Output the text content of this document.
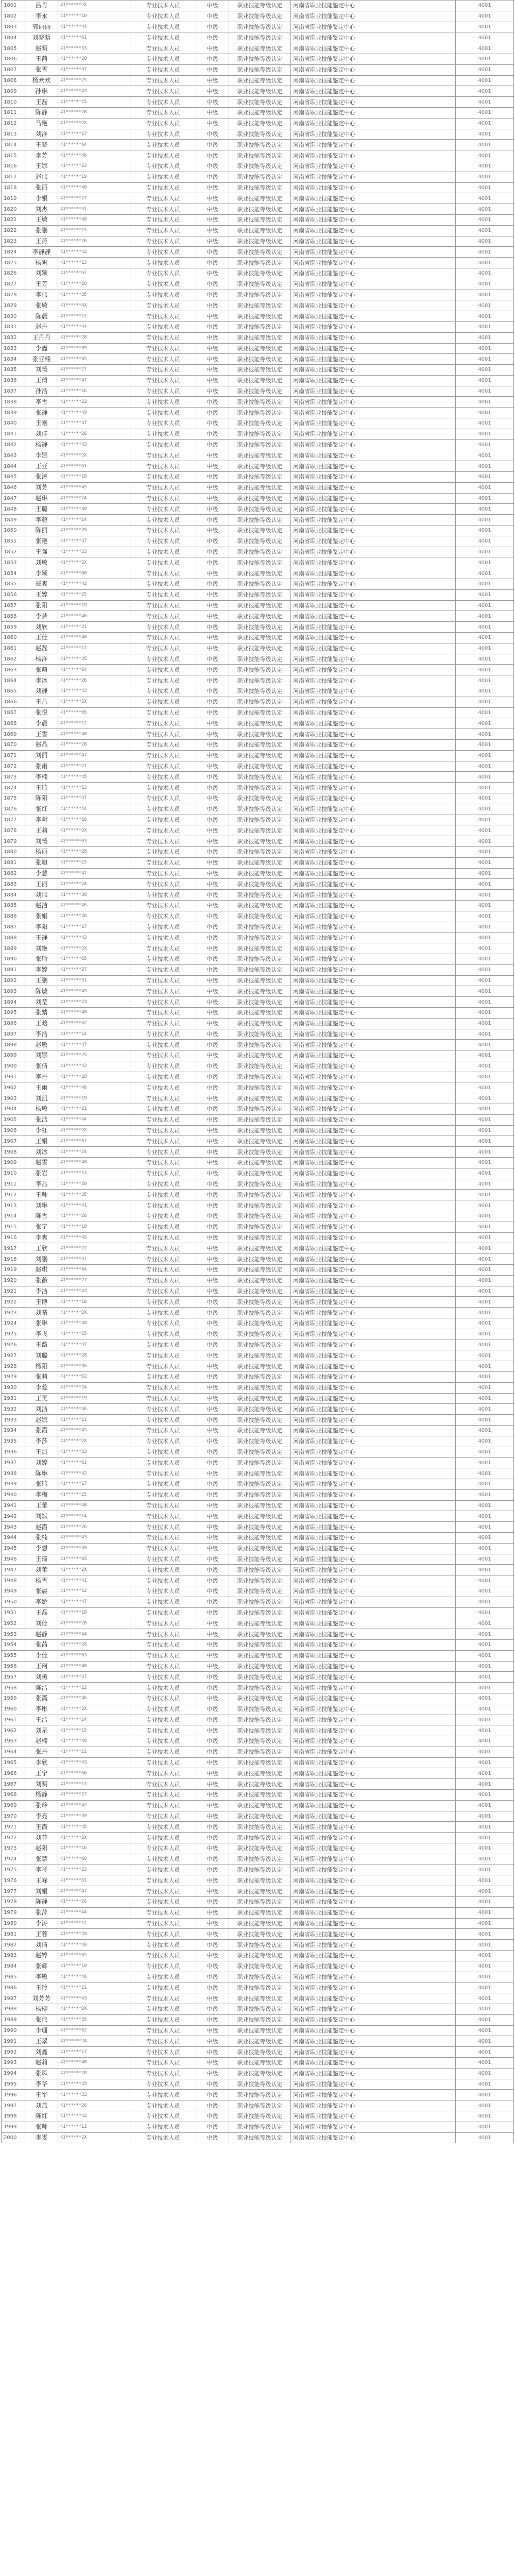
1801	吕丹	41******2X	专业技术人员	中级	职业技能等级认定	河南省职业技能鉴定中心	4001
1802	李永	41******10	专业技术人员	中级	职业技能等级认定	河南省职业技能鉴定中心	4001
1803	郭丽丽	41******44	专业技术人员	中级	职业技能等级认定	河南省职业技能鉴定中心	4001
1804	刘晓晗	41******61	专业技术人员	中级	职业技能等级认定	河南省职业技能鉴定中心	4001
1805	赵明	41******33	专业技术人员	中级	职业技能等级认定	河南省职业技能鉴定中心	4001
1806	王茜	41******20	专业技术人员	中级	职业技能等级认定	河南省职业技能鉴定中心	4001
1807	张雪	41******47	专业技术人员	中级	职业技能等级认定	河南省职业技能鉴定中心	4001
1808	杨欢欢	41******25	专业技术人员	中级	职业技能等级认定	河南省职业技能鉴定中心	4001
1809	孙琳	41******43	专业技术人员	中级	职业技能等级认定	河南省职业技能鉴定中心	4001
1810	王磊	41******15	专业技术人员	中级	职业技能等级认定	河南省职业技能鉴定中心	4001
1811	陈静	41******28	专业技术人员	中级	职业技能等级认定	河南省职业技能鉴定中心	4001
1812	马艳	41******2X	专业技术人员	中级	职业技能等级认定	河南省职业技能鉴定中心	4001
1813	刘洋	41******17	专业技术人员	中级	职业技能等级认定	河南省职业技能鉴定中心	4001
1814	王晓	41******64	专业技术人员	中级	职业技能等级认定	河南省职业技能鉴定中心	4001
1815	李芳	41******46	专业技术人员	中级	职业技能等级认定	河南省职业技能鉴定中心	4001
1816	王娜	41******23	专业技术人员	中级	职业技能等级认定	河南省职业技能鉴定中心	4001
1817	赵伟	41******19	专业技术人员	中级	职业技能等级认定	河南省职业技能鉴定中心	4001
1818	张丽	41******40	专业技术人员	中级	职业技能等级认定	河南省职业技能鉴定中心	4001
1819	李娟	41******27	专业技术人员	中级	职业技能等级认定	河南省职业技能鉴定中心	4001
1820	刘杰	41******31	专业技术人员	中级	职业技能等级认定	河南省职业技能鉴定中心	4001
1821	王敏	41******48	专业技术人员	中级	职业技能等级认定	河南省职业技能鉴定中心	4001
1822	张鹏	41******15	专业技术人员	中级	职业技能等级认定	河南省职业技能鉴定中心	4001
1823	王燕	41******26	专业技术人员	中级	职业技能等级认定	河南省职业技能鉴定中心	4001
1824	李静静	41******42	专业技术人员	中级	职业技能等级认定	河南省职业技能鉴定中心	4001
1825	杨帆	41******13	专业技术人员	中级	职业技能等级认定	河南省职业技能鉴定中心	4001
1826	刘颖	41******67	专业技术人员	中级	职业技能等级认定	河南省职业技能鉴定中心	4001
1827	王芳	41******20	专业技术人员	中级	职业技能等级认定	河南省职业技能鉴定中心	4001
1828	李伟	41******35	专业技术人员	中级	职业技能等级认定	河南省职业技能鉴定中心	4001
1829	张敏	41******4X	专业技术人员	中级	职业技能等级认定	河南省职业技能鉴定中心	4001
1830	陈晨	41******12	专业技术人员	中级	职业技能等级认定	河南省职业技能鉴定中心	4001
1831	赵丹	41******44	专业技术人员	中级	职业技能等级认定	河南省职业技能鉴定中心	4001
1832	王丹丹	41******28	专业技术人员	中级	职业技能等级认定	河南省职业技能鉴定中心	4001
1833	李鑫	41******39	专业技术人员	中级	职业技能等级认定	河南省职业技能鉴定中心	4001
1834	张亚楠	41******65	专业技术人员	中级	职业技能等级认定	河南省职业技能鉴定中心	4001
1835	刘畅	41******21	专业技术人员	中级	职业技能等级认定	河南省职业技能鉴定中心	4001
1836	王倩	41******47	专业技术人员	中级	职业技能等级认定	河南省职业技能鉴定中心	4001
1837	孙浩	41******16	专业技术人员	中级	职业技能等级认定	河南省职业技能鉴定中心	4001
1838	李雪	41******22	专业技术人员	中级	职业技能等级认定	河南省职业技能鉴定中心	4001
1839	张静	41******49	专业技术人员	中级	职业技能等级认定	河南省职业技能鉴定中心	4001
1840	王刚	41******37	专业技术人员	中级	职业技能等级认定	河南省职业技能鉴定中心	4001
1841	刘佳	41******26	专业技术人员	中级	职业技能等级认定	河南省职业技能鉴定中心	4001
1842	杨静	41******43	专业技术人员	中级	职业技能等级认定	河南省职业技能鉴定中心	4001
1843	李娜	41******2X	专业技术人员	中级	职业技能等级认定	河南省职业技能鉴定中心	4001
1844	王亚	41******61	专业技术人员	中级	职业技能等级认定	河南省职业技能鉴定中心	4001
1845	张涛	41******18	专业技术人员	中级	职业技能等级认定	河南省职业技能鉴定中心	4001
1846	刘芳	41******45	专业技术人员	中级	职业技能等级认定	河南省职业技能鉴定中心	4001
1847	赵琳	41******24	专业技术人员	中级	职业技能等级认定	河南省职业技能鉴定中心	4001
1848	王璐	41******40	专业技术人员	中级	职业技能等级认定	河南省职业技能鉴定中心	4001
1849	李超	41******14	专业技术人员	中级	职业技能等级认定	河南省职业技能鉴定中心	4001
1850	陈丽	41******29	专业技术人员	中级	职业技能等级认定	河南省职业技能鉴定中心	4001
1851	张艳	41******47	专业技术人员	中级	职业技能等级认定	河南省职业技能鉴定中心	4001
1852	王强	41******33	专业技术人员	中级	职业技能等级认定	河南省职业技能鉴定中心	4001
1853	刘敏	41******2X	专业技术人员	中级	职业技能等级认定	河南省职业技能鉴定中心	4001
1854	李颖	41******60	专业技术人员	中级	职业技能等级认定	河南省职业技能鉴定中心	4001
1855	郑爽	41******42	专业技术人员	中级	职业技能等级认定	河南省职业技能鉴定中心	4001
1856	王婷	41******25	专业技术人员	中级	职业技能等级认定	河南省职业技能鉴定中心	4001
1857	张阳	41******19	专业技术人员	中级	职业技能等级认定	河南省职业技能鉴定中心	4001
1858	李梦	41******46	专业技术人员	中级	职业技能等级认定	河南省职业技能鉴定中心	4001
1859	刘欣	41******21	专业技术人员	中级	职业技能等级认定	河南省职业技能鉴定中心	4001
1860	王佳	41******48	专业技术人员	中级	职业技能等级认定	河南省职业技能鉴定中心	4001
1861	赵磊	41******17	专业技术人员	中级	职业技能等级认定	河南省职业技能鉴定中心	4001
1862	杨洋	41******35	专业技术人员	中级	职业技能等级认定	河南省职业技能鉴定中心	4001
1863	张萌	41******64	专业技术人员	中级	职业技能等级认定	河南省职业技能鉴定中心	4001
1864	李冰	41******26	专业技术人员	中级	职业技能等级认定	河南省职业技能鉴定中心	4001
1865	刘静	41******43	专业技术人员	中级	职业技能等级认定	河南省职业技能鉴定中心	4001
1866	王晶	41******2X	专业技术人员	中级	职业技能等级认定	河南省职业技能鉴定中心	4001
1867	张悦	41******65	专业技术人员	中级	职业技能等级认定	河南省职业技能鉴定中心	4001
1868	李晨	41******12	专业技术人员	中级	职业技能等级认定	河南省职业技能鉴定中心	4001
1869	王雪	41******40	专业技术人员	中级	职业技能等级认定	河南省职业技能鉴定中心	4001
1870	赵晶	41******28	专业技术人员	中级	职业技能等级认定	河南省职业技能鉴定中心	4001
1871	刘丽	41******47	专业技术人员	中级	职业技能等级认定	河南省职业技能鉴定中心	4001
1872	张雨	41******21	专业技术人员	中级	职业技能等级认定	河南省职业技能鉴定中心	4001
1873	李楠	41******45	专业技术人员	中级	职业技能等级认定	河南省职业技能鉴定中心	4001
1874	王瑞	41******13	专业技术人员	中级	职业技能等级认定	河南省职业技能鉴定中心	4001
1875	陈阳	41******37	专业技术人员	中级	职业技能等级认定	河南省职业技能鉴定中心	4001
1876	张红	41******44	专业技术人员	中级	职业技能等级认定	河南省职业技能鉴定中心	4001
1877	李明	41******16	专业技术人员	中级	职业技能等级认定	河南省职业技能鉴定中心	4001
1878	王莉	41******2X	专业技术人员	中级	职业技能等级认定	河南省职业技能鉴定中心	4001
1879	刘畅	41******63	专业技术人员	中级	职业技能等级认定	河南省职业技能鉴定中心	4001
1880	杨丽	41******28	专业技术人员	中级	职业技能等级认定	河南省职业技能鉴定中心	4001
1881	张旭	41******15	专业技术人员	中级	职业技能等级认定	河南省职业技能鉴定中心	4001
1882	李慧	41******41	专业技术人员	中级	职业技能等级认定	河南省职业技能鉴定中心	4001
1883	王丽	41******24	专业技术人员	中级	职业技能等级认定	河南省职业技能鉴定中心	4001
1884	刘伟	41******38	专业技术人员	中级	职业技能等级认定	河南省职业技能鉴定中心	4001
1885	赵洁	41******46	专业技术人员	中级	职业技能等级认定	河南省职业技能鉴定中心	4001
1886	张娟	41******20	专业技术人员	中级	职业技能等级认定	河南省职业技能鉴定中心	4001
1887	李阳	41******17	专业技术人员	中级	职业技能等级认定	河南省职业技能鉴定中心	4001
1888	王静	41******42	专业技术人员	中级	职业技能等级认定	河南省职业技能鉴定中心	4001
1889	刘艳	41******2X	专业技术人员	中级	职业技能等级认定	河南省职业技能鉴定中心	4001
1890	张瑜	41******65	专业技术人员	中级	职业技能等级认定	河南省职业技能鉴定中心	4001
1891	李婷	41******27	专业技术人员	中级	职业技能等级认定	河南省职业技能鉴定中心	4001
1892	王鹏	41******31	专业技术人员	中级	职业技能等级认定	河南省职业技能鉴定中心	4001
1893	陈敏	41******49	专业技术人员	中级	职业技能等级认定	河南省职业技能鉴定中心	4001
1894	刘莹	41******23	专业技术人员	中级	职业技能等级认定	河南省职业技能鉴定中心	4001
1895	张婧	41******40	专业技术人员	中级	职业技能等级认定	河南省职业技能鉴定中心	4001
1896	王晗	41******62	专业技术人员	中级	职业技能等级认定	河南省职业技能鉴定中心	4001
1897	李浩	41******14	专业技术人员	中级	职业技能等级认定	河南省职业技能鉴定中心	4001
1898	赵敏	41******47	专业技术人员	中级	职业技能等级认定	河南省职业技能鉴定中心	4001
1899	刘娜	41******25	专业技术人员	中级	职业技能等级认定	河南省职业技能鉴定中心	4001
1900	张倩	41******43	专业技术人员	中级	职业技能等级认定	河南省职业技能鉴定中心	4001
1901	李丹	41******28	专业技术人员	中级	职业技能等级认定	河南省职业技能鉴定中心	4001
1902	王雨	41******46	专业技术人员	中级	职业技能等级认定	河南省职业技能鉴定中心	4001
1903	刘凯	41******19	专业技术人员	中级	职业技能等级认定	河南省职业技能鉴定中心	4001
1904	杨敏	41******21	专业技术人员	中级	职业技能等级认定	河南省职业技能鉴定中心	4001
1905	张洁	41******44	专业技术人员	中级	职业技能等级认定	河南省职业技能鉴定中心	4001
1906	李红	41******2X	专业技术人员	中级	职业技能等级认定	河南省职业技能鉴定中心	4001
1907	王娟	41******67	专业技术人员	中级	职业技能等级认定	河南省职业技能鉴定中心	4001
1908	刘冰	41******24	专业技术人员	中级	职业技能等级认定	河南省职业技能鉴定中心	4001
1909	赵雪	41******48	专业技术人员	中级	职业技能等级认定	河南省职业技能鉴定中心	4001
1910	张岩	41******13	专业技术人员	中级	职业技能等级认定	河南省职业技能鉴定中心	4001
1911	李晶	41******20	专业技术人员	中级	职业技能等级认定	河南省职业技能鉴定中心	4001
1912	王帅	41******35	专业技术人员	中级	职业技能等级认定	河南省职业技能鉴定中心	4001
1913	刘琳	41******41	专业技术人员	中级	职业技能等级认定	河南省职业技能鉴定中心	4001
1914	陈雪	41******26	专业技术人员	中级	职业技能等级认定	河南省职业技能鉴定中心	4001
1915	张宁	41******18	专业技术人员	中级	职业技能等级认定	河南省职业技能鉴定中心	4001
1916	李爽	41******45	专业技术人员	中级	职业技能等级认定	河南省职业技能鉴定中心	4001
1917	王欣	41******22	专业技术人员	中级	职业技能等级认定	河南省职业技能鉴定中心	4001
1918	刘鹏	41******31	专业技术人员	中级	职业技能等级认定	河南省职业技能鉴定中心	4001
1919	赵琪	41******64	专业技术人员	中级	职业技能等级认定	河南省职业技能鉴定中心	4001
1920	张薇	41******27	专业技术人员	中级	职业技能等级认定	河南省职业技能鉴定中心	4001
1921	李洁	41******43	专业技术人员	中级	职业技能等级认定	河南省职业技能鉴定中心	4001
1922	王博	41******16	专业技术人员	中级	职业技能等级认定	河南省职业技能鉴定中心	4001
1923	刘晴	41******2X	专业技术人员	中级	职业技能等级认定	河南省职业技能鉴定中心	4001
1924	张琳	41******40	专业技术人员	中级	职业技能等级认定	河南省职业技能鉴定中心	4001
1925	李飞	41******15	专业技术人员	中级	职业技能等级认定	河南省职业技能鉴定中心	4001
1926	王薇	41******47	专业技术人员	中级	职业技能等级认定	河南省职业技能鉴定中心	4001
1927	刘璐	41******28	专业技术人员	中级	职业技能等级认定	河南省职业技能鉴定中心	4001
1928	杨阳	41******36	专业技术人员	中级	职业技能等级认定	河南省职业技能鉴定中心	4001
1929	张莉	41******62	专业技术人员	中级	职业技能等级认定	河南省职业技能鉴定中心	4001
1930	李蕊	41******24	专业技术人员	中级	职业技能等级认定	河南省职业技能鉴定中心	4001
1931	王昊	41******19	专业技术人员	中级	职业技能等级认定	河南省职业技能鉴定中心	4001
1932	刘洁	41******46	专业技术人员	中级	职业技能等级认定	河南省职业技能鉴定中心	4001
1933	赵娜	41******21	专业技术人员	中级	职业技能等级认定	河南省职业技能鉴定中心	4001
1934	张霞	41******45	专业技术人员	中级	职业技能等级认定	河南省职业技能鉴定中心	4001
1935	李莎	41******2X	专业技术人员	中级	职业技能等级认定	河南省职业技能鉴定中心	4001
1936	王凯	41******33	专业技术人员	中级	职业技能等级认定	河南省职业技能鉴定中心	4001
1937	刘婷	41******61	专业技术人员	中级	职业技能等级认定	河南省职业技能鉴定中心	4001
1938	陈琳	41******42	专业技术人员	中级	职业技能等级认定	河南省职业技能鉴定中心	4001
1939	张瑞	41******17	专业技术人员	中级	职业技能等级认定	河南省职业技能鉴定中心	4001
1940	李梅	41******25	专业技术人员	中级	职业技能等级认定	河南省职业技能鉴定中心	4001
1941	王蕾	41******48	专业技术人员	中级	职业技能等级认定	河南省职业技能鉴定中心	4001
1942	刘斌	41******14	专业技术人员	中级	职业技能等级认定	河南省职业技能鉴定中心	4001
1943	赵霞	41******26	专业技术人员	中级	职业技能等级认定	河南省职业技能鉴定中心	4001
1944	张楠	41******43	专业技术人员	中级	职业技能等级认定	河南省职业技能鉴定中心	4001
1945	李想	41******30	专业技术人员	中级	职业技能等级认定	河南省职业技能鉴定中心	4001
1946	王琦	41******65	专业技术人员	中级	职业技能等级认定	河南省职业技能鉴定中心	4001
1947	刘蕾	41******2X	专业技术人员	中级	职业技能等级认定	河南省职业技能鉴定中心	4001
1948	杨雪	41******41	专业技术人员	中级	职业技能等级认定	河南省职业技能鉴定中心	4001
1949	张晨	41******12	专业技术人员	中级	职业技能等级认定	河南省职业技能鉴定中心	4001
1950	李娇	41******47	专业技术人员	中级	职业技能等级认定	河南省职业技能鉴定中心	4001
1951	王磊	41******18	专业技术人员	中级	职业技能等级认定	河南省职业技能鉴定中心	4001
1952	刘佳	41******20	专业技术人员	中级	职业技能等级认定	河南省职业技能鉴定中心	4001
1953	赵静	41******44	专业技术人员	中级	职业技能等级认定	河南省职业技能鉴定中心	4001
1954	张茜	41******28	专业技术人员	中级	职业技能等级认定	河南省职业技能鉴定中心	4001
1955	李佳	41******63	专业技术人员	中级	职业技能等级认定	河南省职业技能鉴定中心	4001
1956	王珂	41******40	专业技术人员	中级	职业技能等级认定	河南省职业技能鉴定中心	4001
1957	刘勇	41******37	专业技术人员	中级	职业技能等级认定	河南省职业技能鉴定中心	4001
1958	陈洁	41******22	专业技术人员	中级	职业技能等级认定	河南省职业技能鉴定中心	4001
1959	张露	41******46	专业技术人员	中级	职业技能等级认定	河南省职业技能鉴定中心	4001
1960	李彤	41******2X	专业技术人员	中级	职业技能等级认定	河南省职业技能鉴定中心	4001
1961	王洁	41******24	专业技术人员	中级	职业技能等级认定	河南省职业技能鉴定中心	4001
1962	刘星	41******15	专业技术人员	中级	职业技能等级认定	河南省职业技能鉴定中心	4001
1963	赵楠	41******48	专业技术人员	中级	职业技能等级认定	河南省职业技能鉴定中心	4001
1964	张丹	41******21	专业技术人员	中级	职业技能等级认定	河南省职业技能鉴定中心	4001
1965	李欣	41******43	专业技术人员	中级	职业技能等级认定	河南省职业技能鉴定中心	4001
1966	王宁	41******66	专业技术人员	中级	职业技能等级认定	河南省职业技能鉴定中心	4001
1967	刘明	41******13	专业技术人员	中级	职业技能等级认定	河南省职业技能鉴定中心	4001
1968	杨静	41******27	专业技术人员	中级	职业技能等级认定	河南省职业技能鉴定中心	4001
1969	张玲	41******42	专业技术人员	中级	职业技能等级认定	河南省职业技能鉴定中心	4001
1970	李亮	41******39	专业技术人员	中级	职业技能等级认定	河南省职业技能鉴定中心	4001
1971	王霞	41******45	专业技术人员	中级	职业技能等级认定	河南省职业技能鉴定中心	4001
1972	刘菲	41******2X	专业技术人员	中级	职业技能等级认定	河南省职业技能鉴定中心	4001
1973	赵阳	41******16	专业技术人员	中级	职业技能等级认定	河南省职业技能鉴定中心	4001
1974	张慧	41******60	专业技术人员	中级	职业技能等级认定	河南省职业技能鉴定中心	4001
1975	李琴	41******23	专业技术人员	中级	职业技能等级认定	河南省职业技能鉴定中心	4001
1976	王峰	41******31	专业技术人员	中级	职业技能等级认定	河南省职业技能鉴定中心	4001
1977	刘娟	41******47	专业技术人员	中级	职业技能等级认定	河南省职业技能鉴定中心	4001
1978	陈静	41******26	专业技术人员	中级	职业技能等级认定	河南省职业技能鉴定中心	4001
1979	张萍	41******44	专业技术人员	中级	职业技能等级认定	河南省职业技能鉴定中心	4001
1980	李涛	41******12	专业技术人员	中级	职业技能等级认定	河南省职业技能鉴定中心	4001
1981	王蓉	41******28	专业技术人员	中级	职业技能等级认定	河南省职业技能鉴定中心	4001
1982	刘倩	41******40	专业技术人员	中级	职业技能等级认定	河南省职业技能鉴定中心	4001
1983	赵婷	41******65	专业技术人员	中级	职业技能等级认定	河南省职业技能鉴定中心	4001
1984	张辉	41******19	专业技术人员	中级	职业技能等级认定	河南省职业技能鉴定中心	4001
1985	李敏	41******46	专业技术人员	中级	职业技能等级认定	河南省职业技能鉴定中心	4001
1986	王玲	41******21	专业技术人员	中级	职业技能等级认定	河南省职业技能鉴定中心	4001
1987	刘芳芳	41******43	专业技术人员	中级	职业技能等级认定	河南省职业技能鉴定中心	4001
1988	杨柳	41******2X	专业技术人员	中级	职业技能等级认定	河南省职业技能鉴定中心	4001
1989	张伟	41******35	专业技术人员	中级	职业技能等级认定	河南省职业技能鉴定中心	4001
1990	李珊	41******62	专业技术人员	中级	职业技能等级认定	河南省职业技能鉴定中心	4001
1991	王翠	41******24	专业技术人员	中级	职业技能等级认定	河南省职业技能鉴定中心	4001
1992	刘鑫	41******17	专业技术人员	中级	职业技能等级认定	河南省职业技能鉴定中心	4001
1993	赵莉	41******48	专业技术人员	中级	职业技能等级认定	河南省职业技能鉴定中心	4001
1994	张凤	41******20	专业技术人员	中级	职业技能等级认定	河南省职业技能鉴定中心	4001
1995	李华	41******45	专业技术人员	中级	职业技能等级认定	河南省职业技能鉴定中心	4001
1996	王军	41******33	专业技术人员	中级	职业技能等级认定	河南省职业技能鉴定中心	4001
1997	刘燕	41******26	专业技术人员	中级	职业技能等级认定	河南省职业技能鉴定中心	4001
1998	陈红	41******42	专业技术人员	中级	职业技能等级认定	河南省职业技能鉴定中心	4001
1999	张帅	41******11	专业技术人员	中级	职业技能等级认定	河南省职业技能鉴定中心	4001
2000	李雯	41******2X	专业技术人员	中级	职业技能等级认定	河南省职业技能鉴定中心	4001
